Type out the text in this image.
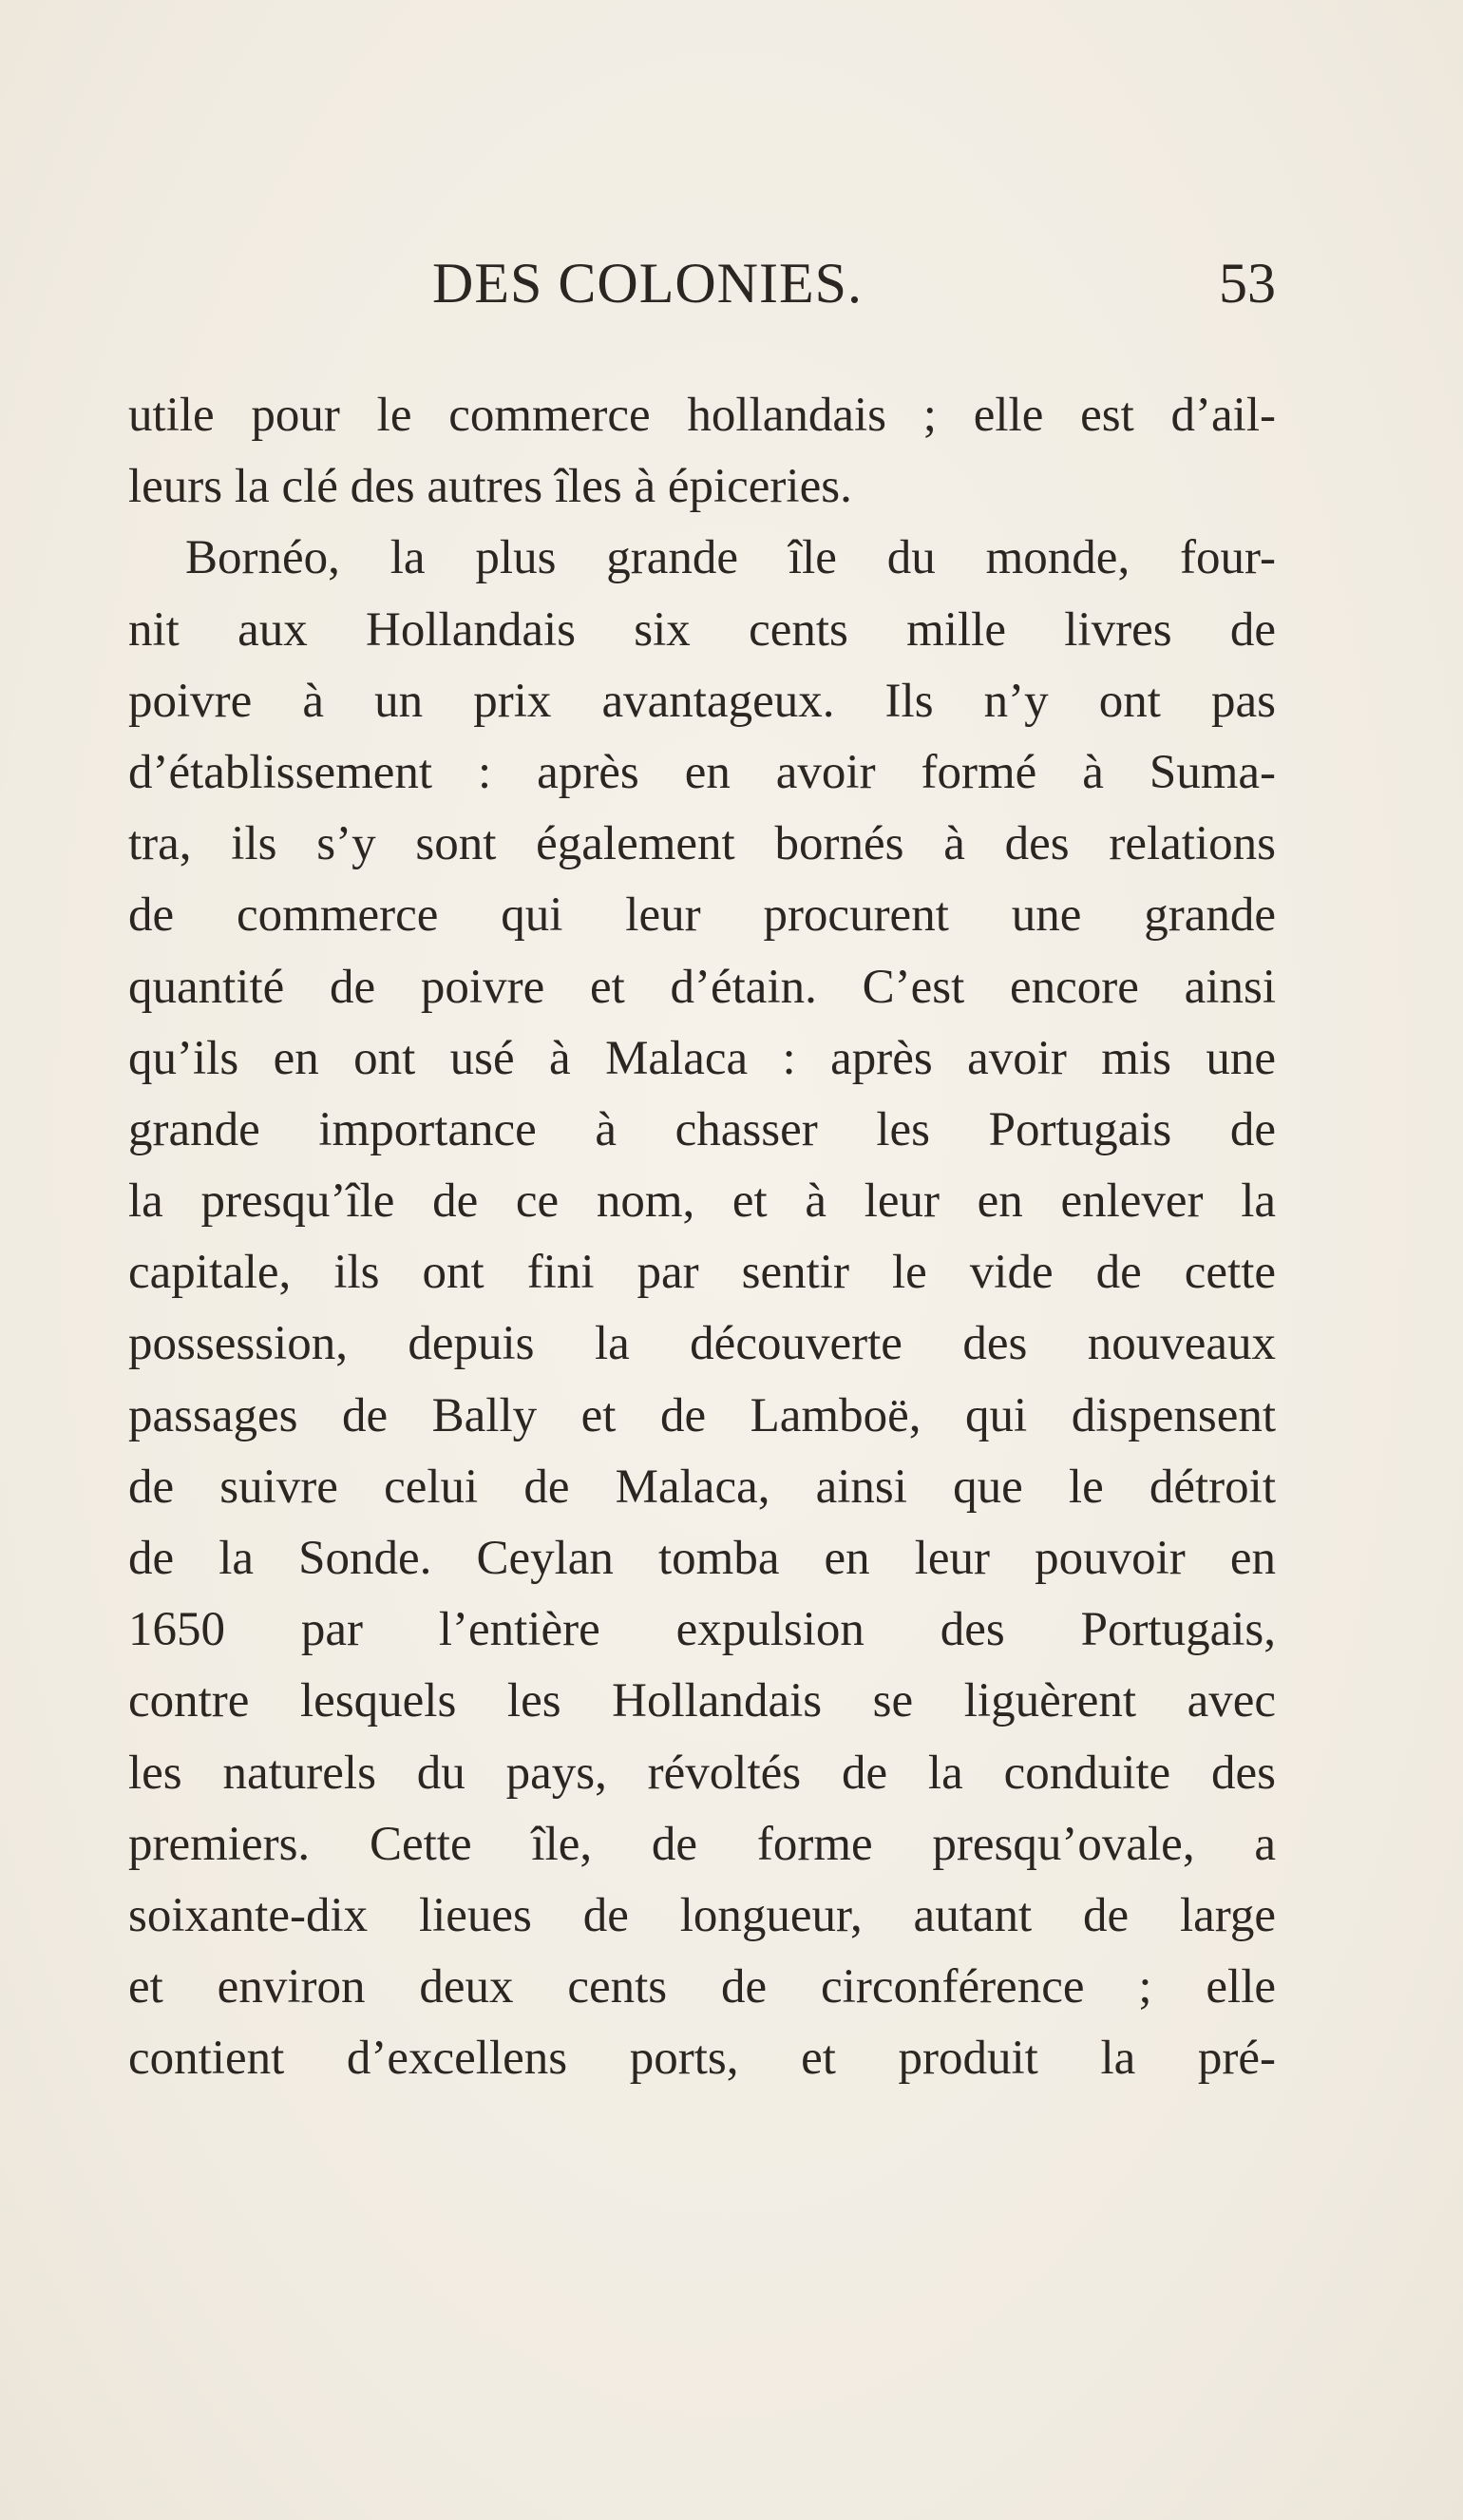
DES COLONIES.	53
utile pour le commerce hollandais ; elle est d’ail-
leurs la clé des autres îles à épiceries.
Bornéo, la plus grande île du monde, four-
nit aux Hollandais six cents mille livres de
poivre à un prix avantageux. Ils n’y ont pas
d’établissement : après en avoir formé à Suma-
tra, ils s’y sont également bornés à des relations
de commerce qui leur procurent une grande
quantité de poivre et d’étain. C’est encore ainsi
qu’ils en ont usé à Malaca : après avoir mis une
grande importance à chasser les Portugais de
la presqu’île de ce nom, et à leur en enlever la
capitale, ils ont fini par sentir le vide de cette
possession, depuis la découverte des nouveaux
passages de Bally et de Lamboë, qui dispensent
de suivre celui de Malaca, ainsi que le détroit
de la Sonde. Ceylan tomba en leur pouvoir en
1650 par l’entière expulsion des Portugais,
contre lesquels les Hollandais se liguèrent avec
les naturels du pays, révoltés de la conduite des
premiers. Cette île, de forme presqu’ovale, a
soixante-dix lieues de longueur, autant de large
et environ deux cents de circonférence ; elle
contient d’excellens ports, et produit la pré-
